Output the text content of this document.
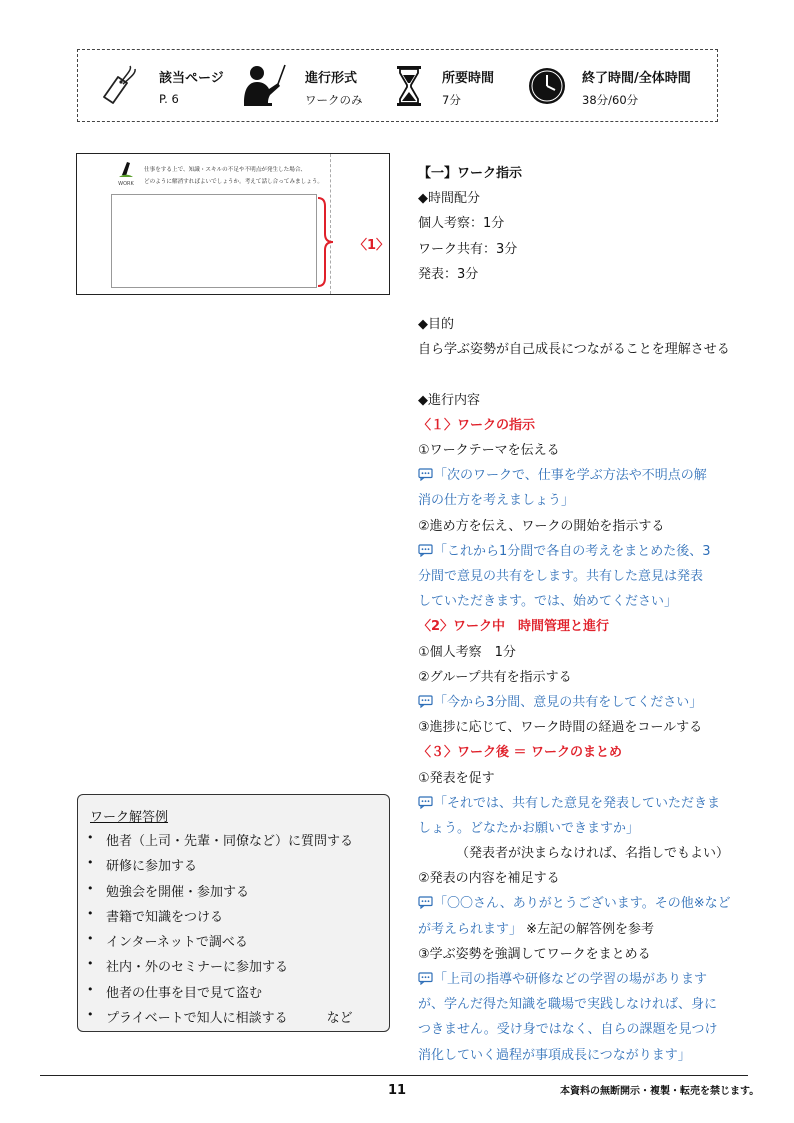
該当ページ
P. 6
進行形式
ワークのみ
所要時間
7分
終了時間/全体時間
38分/60分
WORK
仕事をする上で、知識・スキルの不足や不明点が発生した場合、
どのように解消すればよいでしょうか。考えて話し合ってみましょう。
〈1〉
ワーク解答例
• 他者（上司・先輩・同僚など）に質問する
• 研修に参加する
• 勉強会を開催・参加する
• 書籍で知識をつける
• インターネットで調べる
• 社内・外のセミナーに参加する
• 他者の仕事を目で見て盗む
• プライベートで知人に相談する　　　など
【一】ワーク指示
◆時間配分
個人考察：1分
ワーク共有：3分
発表：3分
◆目的
自ら学ぶ姿勢が自己成長につながることを理解させる
◆進行内容
〈１〉ワークの指示
①ワークテーマを伝える
「次のワークで、仕事を学ぶ方法や不明点の解
消の仕方を考えましょう」
②進め方を伝え、ワークの開始を指示する
「これから1分間で各自の考えをまとめた後、3
分間で意見の共有をします。共有した意見は発表
していただきます。では、始めてください」
〈2〉ワーク中　時間管理と進行
①個人考察　1分
②グループ共有を指示する
「今から3分間、意見の共有をしてください」
③進捗に応じて、ワーク時間の経過をコールする
〈３〉ワーク後 ＝ ワークのまとめ
①発表を促す
「それでは、共有した意見を発表していただきま
しょう。どなたかお願いできますか」
（発表者が決まらなければ、名指しでもよい）
②発表の内容を補足する
「〇〇さん、ありがとうございます。その他※など
が考えられます」 ※左記の解答例を参考
③学ぶ姿勢を強調してワークをまとめる
「上司の指導や研修などの学習の場があります
が、学んだ得た知識を職場で実践しなければ、身に
つきません。受け身ではなく、自らの課題を見つけ
消化していく過程が事項成長につながります」
11	本資料の無断開示・複製・転売を禁じます。
